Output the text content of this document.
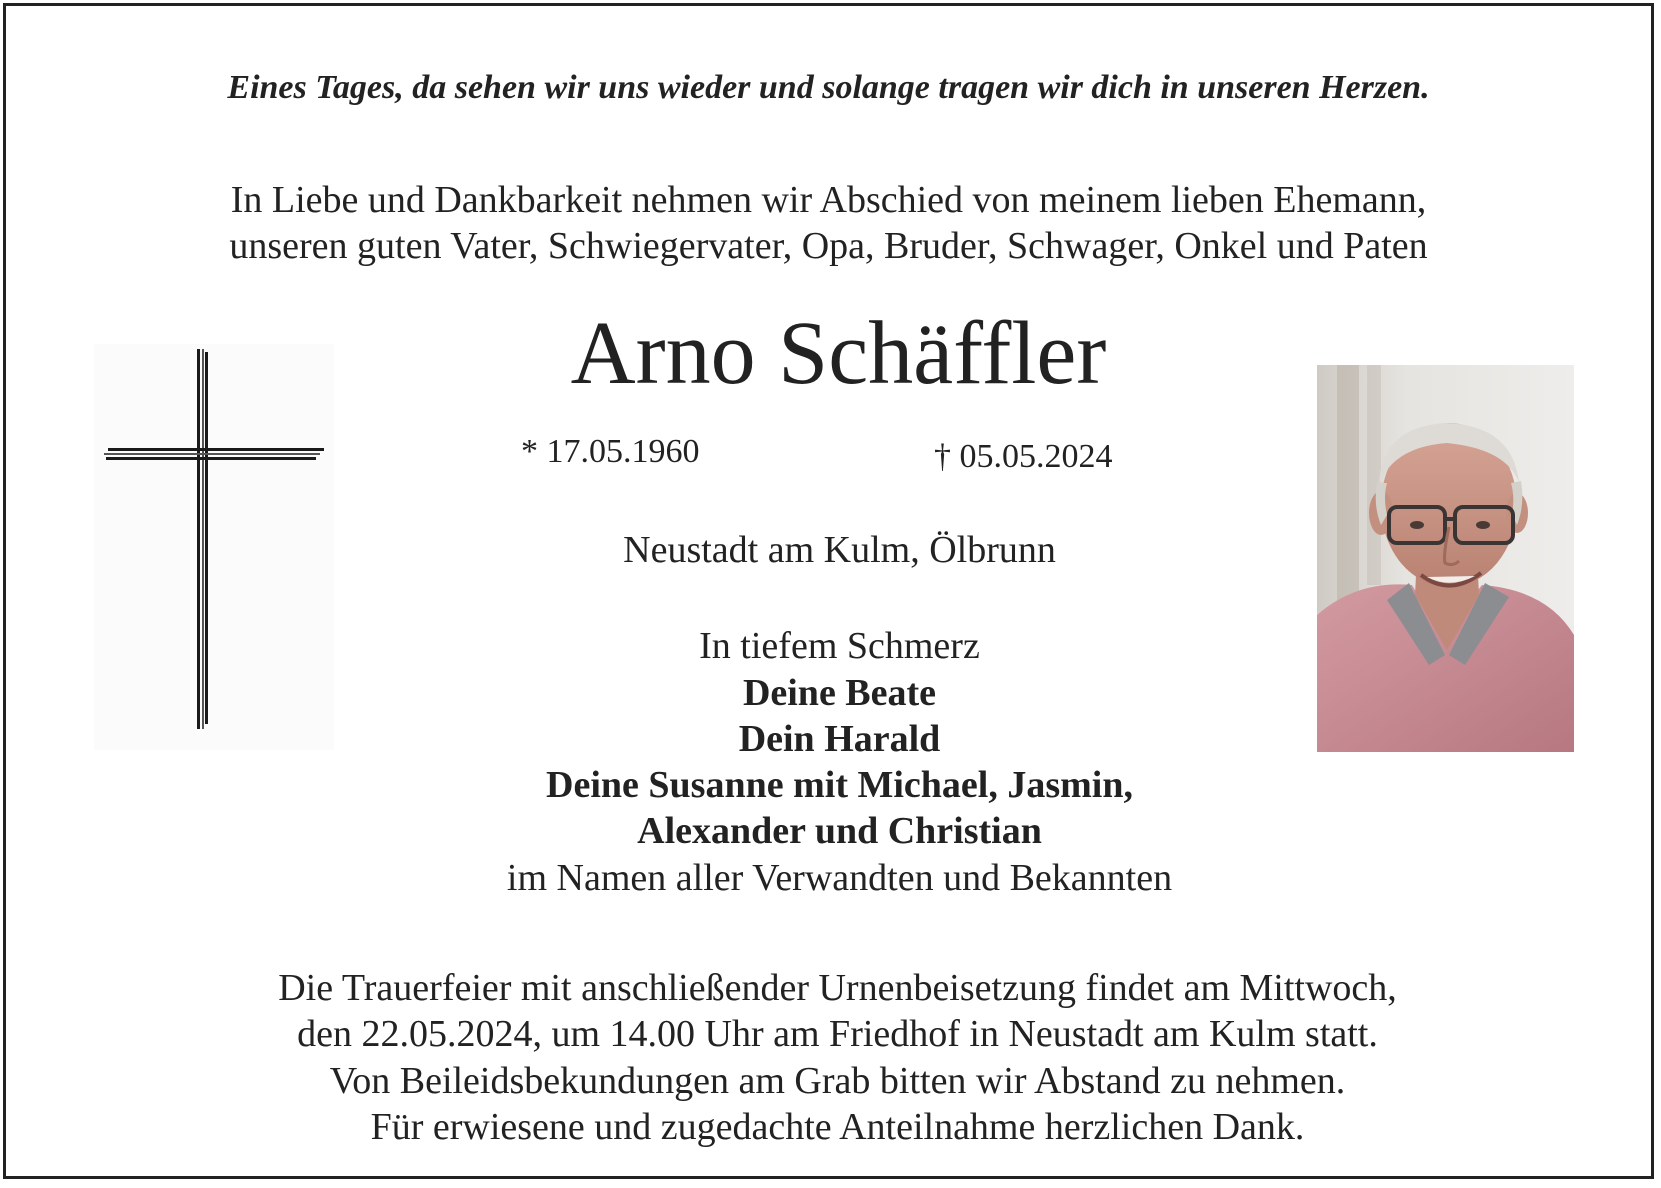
Eines Tages, da sehen wir uns wieder und solange tragen wir dich in unseren Herzen.
In Liebe und Dankbarkeit nehmen wir Abschied von meinem lieben Ehemann,
unseren guten Vater, Schwiegervater, Opa, Bruder, Schwager, Onkel und Paten
Arno Schäffler
* 17.05.1960	† 05.05.2024
Neustadt am Kulm, Ölbrunn
In tiefem Schmerz
Deine Beate
Dein Harald
Deine Susanne mit Michael, Jasmin,
Alexander und Christian
im Namen aller Verwandten und Bekannten
Die Trauerfeier mit anschließender Urnenbeisetzung findet am Mittwoch,
den 22.05.2024, um 14.00 Uhr am Friedhof in Neustadt am Kulm statt.
Von Beileidsbekundungen am Grab bitten wir Abstand zu nehmen.
Für erwiesene und zugedachte Anteilnahme herzlichen Dank.
